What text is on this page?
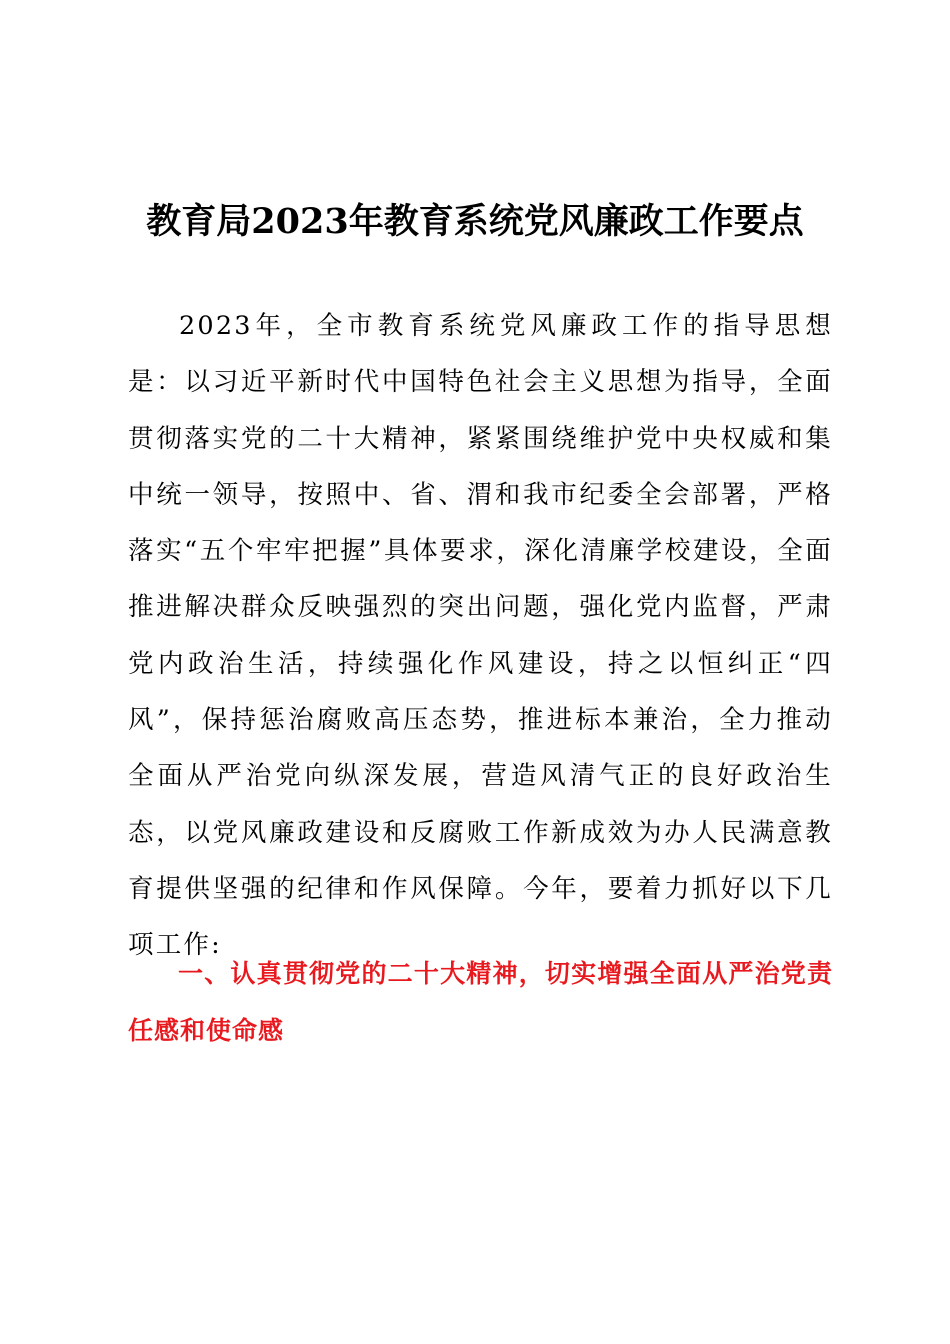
教育局2023年教育系统党风廉政工作要点

2023年，全市教育系统党风廉政工作的指导思想是：以习近平新时代中国特色社会主义思想为指导，全面贯彻落实党的二十大精神，紧紧围绕维护党中央权威和集中统一领导，按照中、省、渭和我市纪委全会部署，严格落实“五个牢牢把握”具体要求，深化清廉学校建设，全面推进解决群众反映强烈的突出问题，强化党内监督，严肃党内政治生活，持续强化作风建设，持之以恒纠正“四风”，保持惩治腐败高压态势，推进标本兼治，全力推动全面从严治党向纵深发展，营造风清气正的良好政治生态，以党风廉政建设和反腐败工作新成效为办人民满意教育提供坚强的纪律和作风保障。今年，要着力抓好以下几项工作:

一、认真贯彻党的二十大精神，切实增强全面从严治党责任感和使命感
